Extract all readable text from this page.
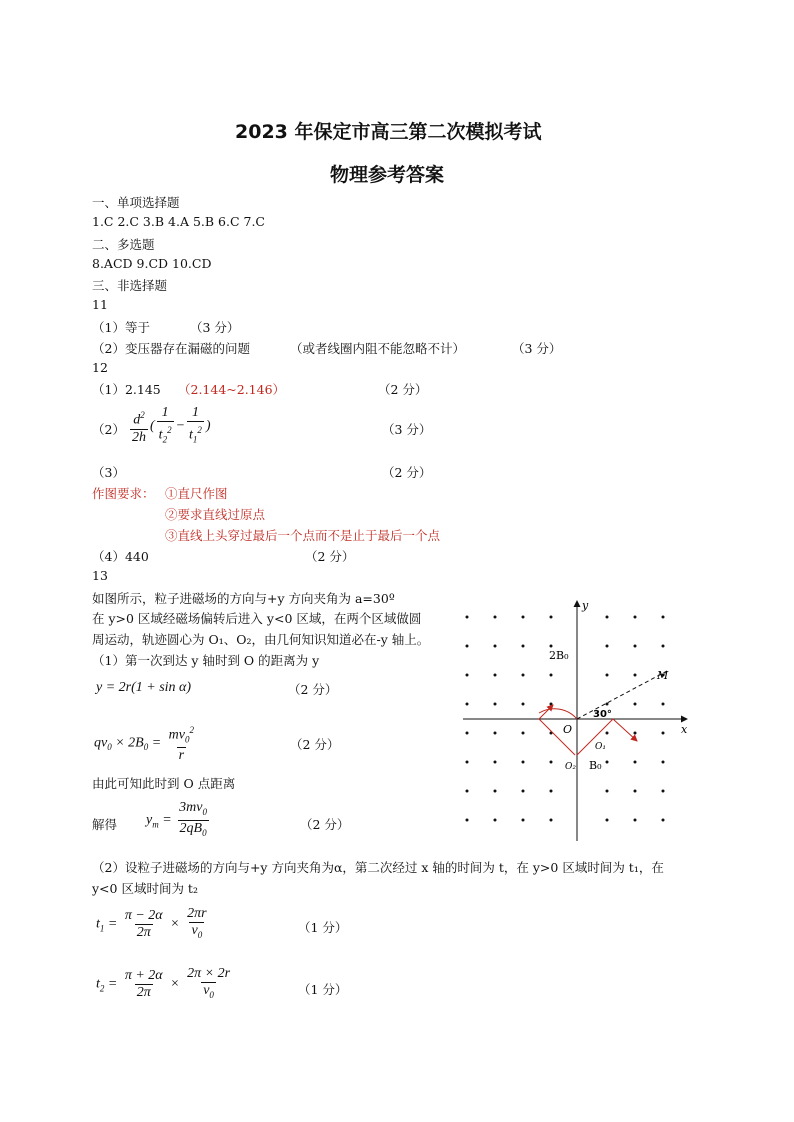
2023 年保定市高三第二次模拟考试
物理参考答案
一、单项选择题
1.C 2.C 3.B 4.A 5.B 6.C 7.C
二、多选题
8.ACD 9.CD 10.CD
三、非选择题
11
（1）等于	（3 分）
（2）变压器存在漏磁的问题	（或者线圈内阻不能忽略不计）	（3 分）
12
（1）2.145 （2.144~2.146）	（2 分）
$(2) \frac{d^2}{2h}$ ( $\frac{1}{t_2^2} - \frac{1}{t_1^2}$ )	（3 分）
（3）	（2 分）
作图要求： ①直尺作图
②要求直线过原点
③直线上头穿过最后一个点而不是止于最后一个点
（4）440	（2 分）
13
如图所示，粒子进磁场的方向与+y 方向夹角为 a=30º
在 y>0 区域经磁场偏转后进入 y<0 区域，在两个区域做圆
周运动，轨迹圆心为 O₁、O₂，由几何知识知道必在-y 轴上。
（1）第一次到达 y 轴时到 O 的距离为 y
y = 2r(1 + sin α)	（2 分）
$qv_0 \times 2B_0 = \frac{mv_0^2}{r}$	（2 分）
由此可知此时到 O 点距离
解得 $y_m = \frac{3mv_0}{2qB_0}$	（2 分）
（2）设粒子进磁场的方向与+y 方向夹角为α，第二次经过 x 轴的时间为 t，在 y>0 区域时间为 t₁，在
y<0 区域时间为 t₂
$t_1 = \frac{\pi - 2\alpha}{2\pi} \times \frac{2\pi r}{v_0}$	（1 分）
$t_2 = \frac{\pi + 2\alpha}{2\pi} \times \frac{2\pi \times 2r}{v_0}$	（1 分）
2B₀
B₀
M
30°
O
O₁
O₂
x
y
